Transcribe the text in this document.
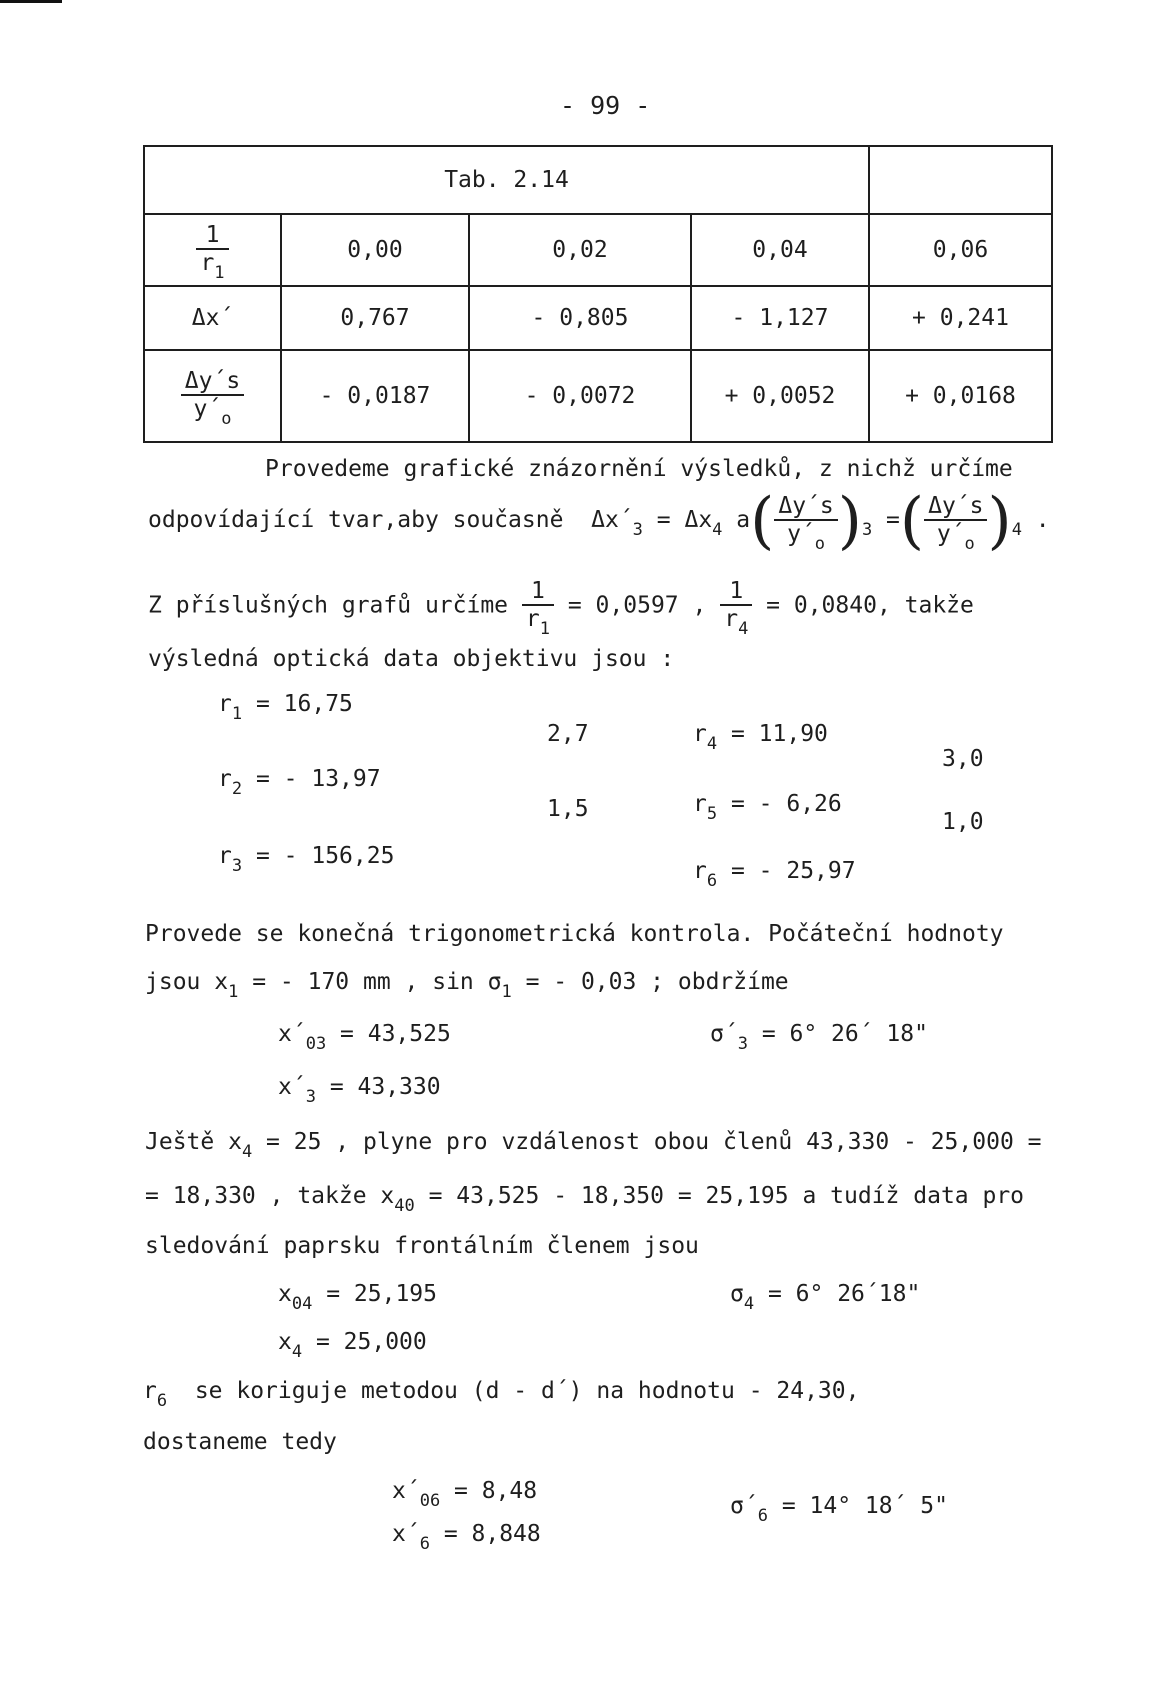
- 99 -
Tab. 2.14				

$\frac{1}{r_1}$	0,00	0,02	0,04	0,06
Δx´	0,767	- 0,805	- 1,127	+ 0,241

$\frac{\Delta y´s}{y´_o}$	- 0,0187	- 0,0072	+ 0,0052	+ 0,0168
Provedeme grafické znázornění výsledků, z nichž určíme
odpovídající tvar,aby současně $\Delta x´_3 = \Delta x_4$ $a( \frac{\Delta y´s}{y´_o} )_3$ =( $\frac{\Delta y´s}{y´_o} )_4$ .
Z příslušných grafů určíme $\frac{1}{r_1} = 0,0597$ , $\frac{1}{r_4} = 0,0840$, takže
výsledná optická data objektivu jsou :
$r_1 = 16,75$
$r_2$ = - 13,97
$r_3$ = - 156,25
$r_4 = 11,90$
$r_5$ = - 6,26
$r_6$ = - 25,97
2,7
1,5
3,0
1,0
Provede se konečná trigonometrická kontrola. Počáteční hodnoty
jsou $x_1$ = - 170 mm , $\sin \sigma_1$ = - 0,03 ; obdržíme
$x´_{03} = 43,525$	$\sigma´_3 = 6^\circ$ 26´ 18"
$x´_3 = 43,330$
Ještě $x_4 = 25$ , plyne pro vzdálenost obou členů 43,330 - 25,000 =
= 18,330 , takže $x_{40} = 43,525 - 18,350 = 25,195$ a tudíž data pro
sledování paprsku frontálním členem jsou
$x_{04} = 25,195$	$\sigma_4 = 6^\circ$ 26´18"
$x_4 = 25,000$
$r_6$ se koriguje metodou (d - d´) na hodnotu - 24,30,
dostaneme tedy
$x´_{06} = 8,48$
$\sigma´_6 = 14^\circ$ 18´ 5"
$x´_6 = 8,848$
